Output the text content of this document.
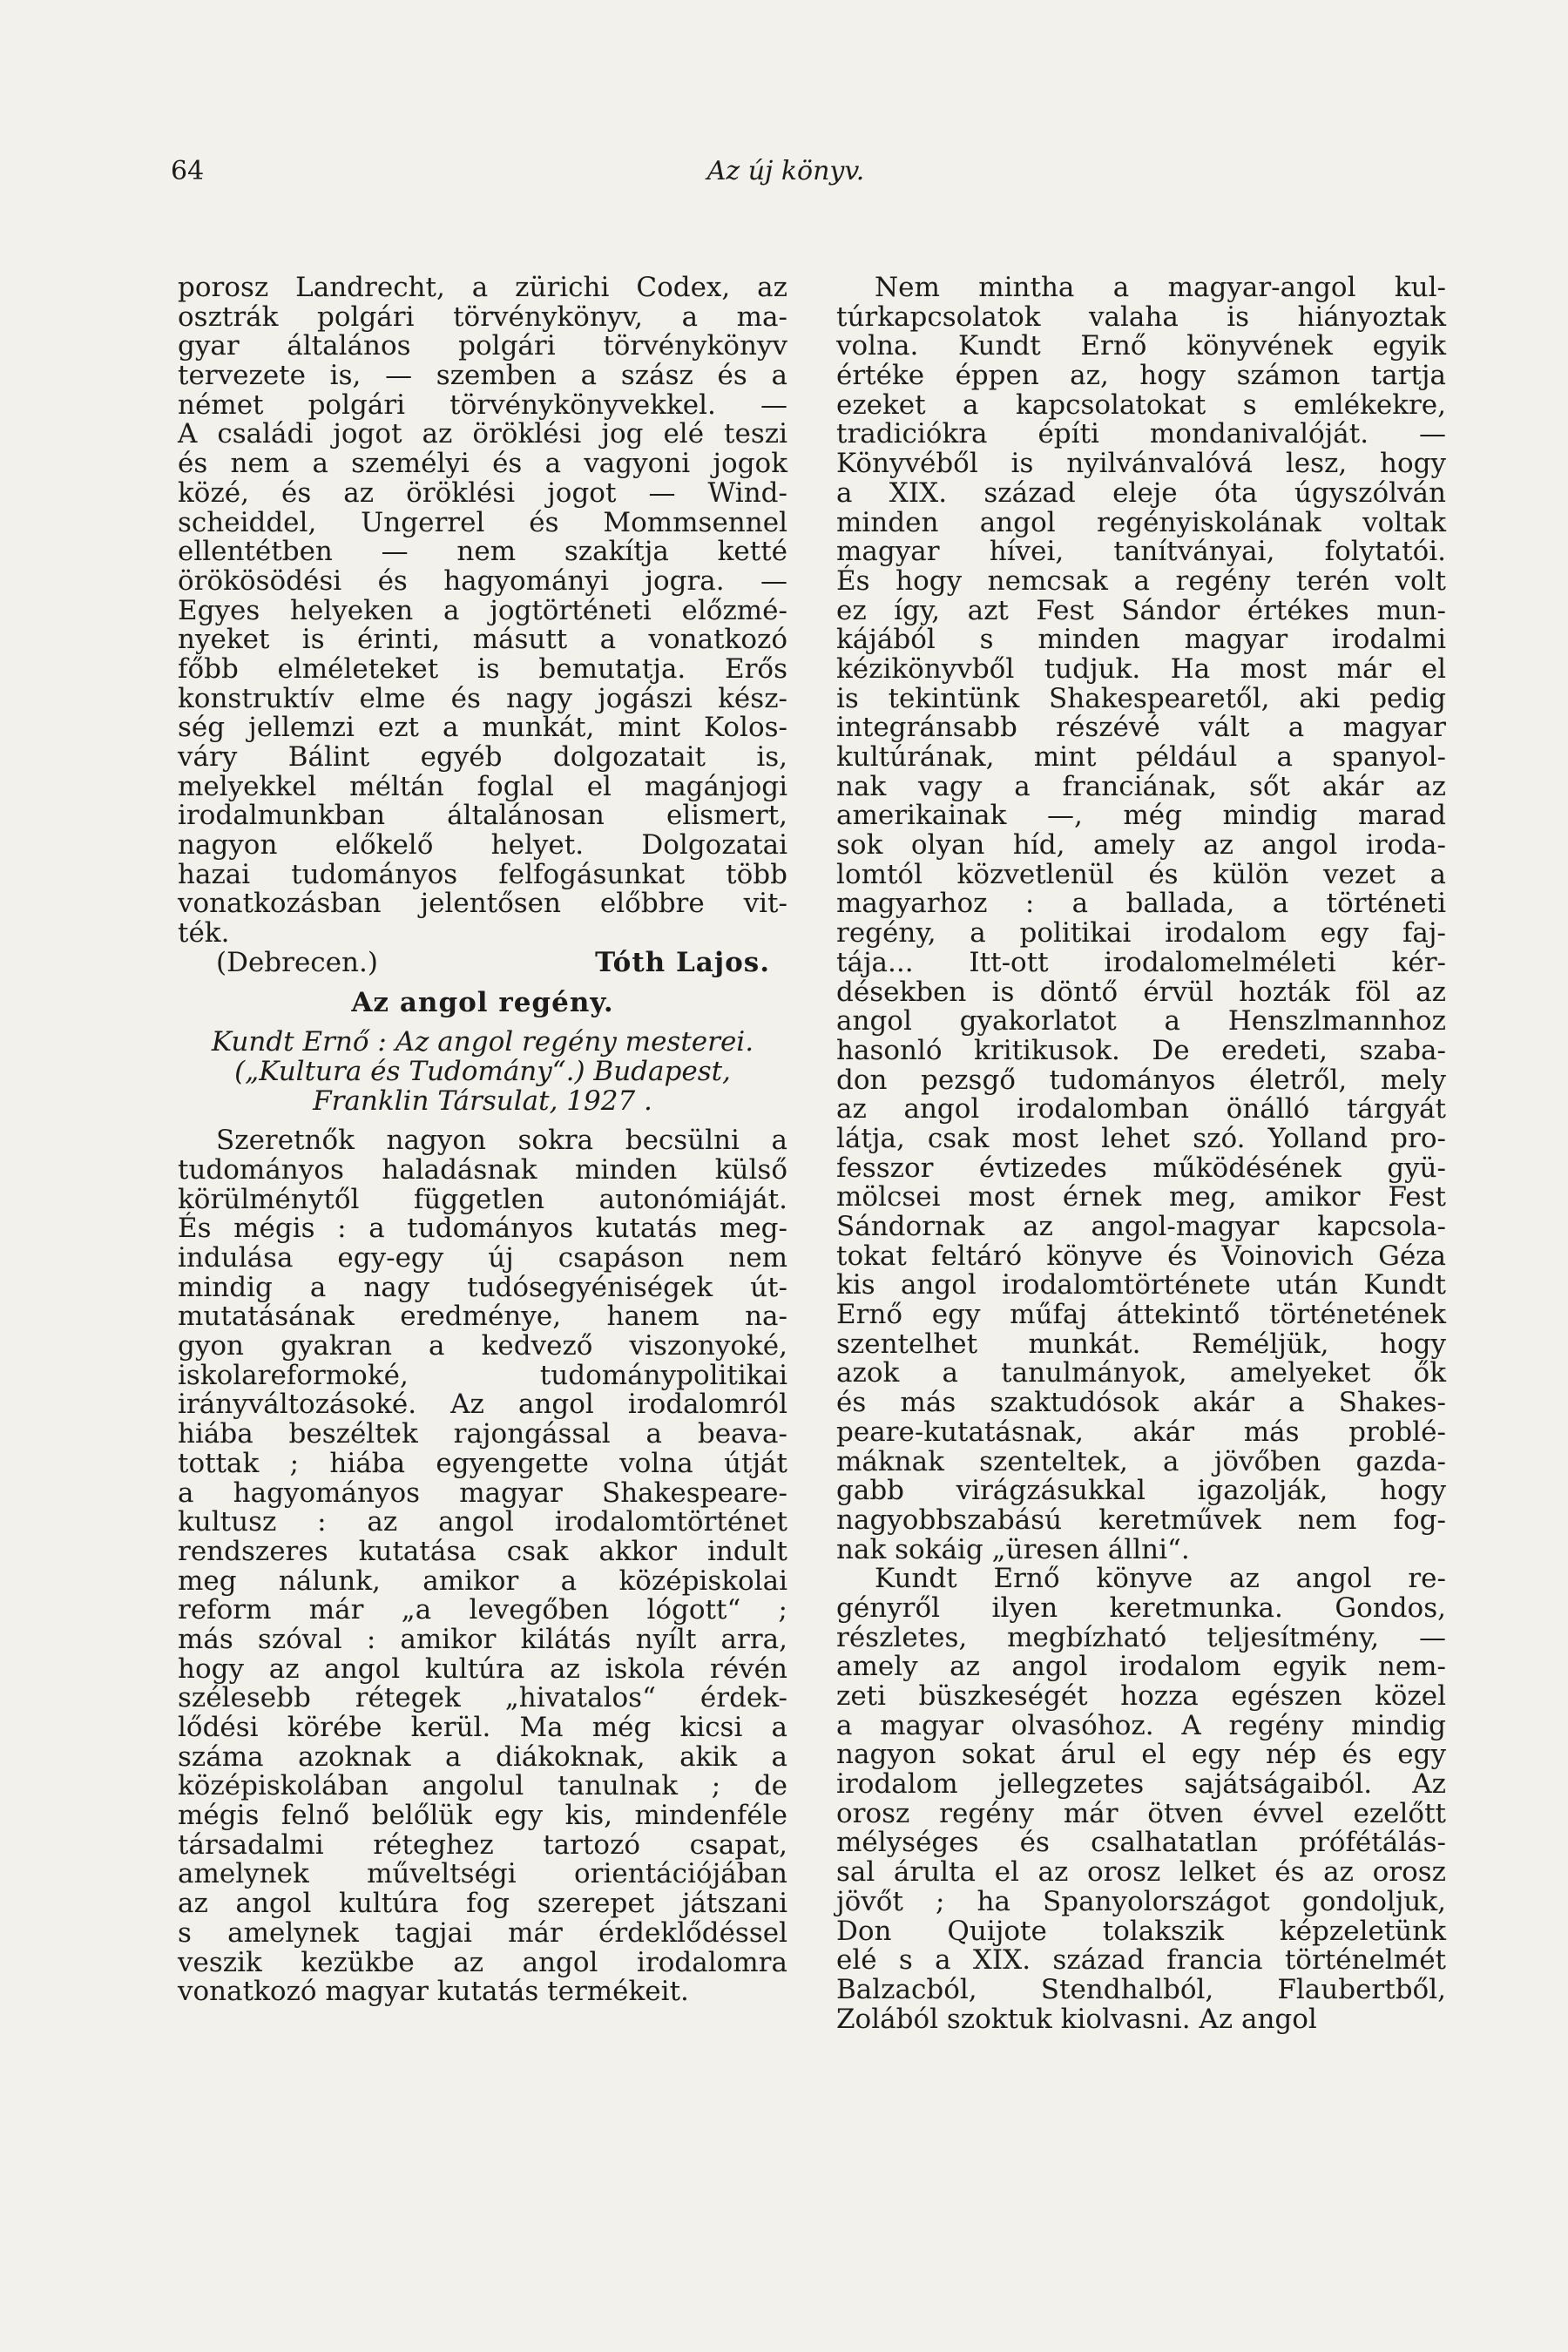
64	Az új könyv.
porosz Landrecht, a zürichi Codex, az
osztrák polgári törvénykönyv, a ma-
gyar általános polgári törvénykönyv
tervezete is, — szemben a szász és a
német polgári törvénykönyvekkel. —
A családi jogot az öröklési jog elé teszi
és nem a személyi és a vagyoni jogok
közé, és az öröklési jogot — Wind-
scheiddel, Ungerrel és Mommsennel
ellentétben — nem szakítja ketté
örökösödési és hagyományi jogra. —
Egyes helyeken a jogtörténeti előzmé-
nyeket is érinti, másutt a vonatkozó
főbb elméleteket is bemutatja. Erős
konstruktív elme és nagy jogászi kész-
ség jellemzi ezt a munkát, mint Kolos-
váry Bálint egyéb dolgozatait is,
melyekkel méltán foglal el magánjogi
irodalmunkban általánosan elismert,
nagyon előkelő helyet. Dolgozatai
hazai tudományos felfogásunkat több
vonatkozásban jelentősen előbbre vit-
ték.
(Debrecen.)	Tóth Lajos.
Az angol regény.
Kundt Ernő : Az angol regény mesterei.
(„Kultura és Tudomány“.) Budapest,
Franklin Társulat, 1927 .
Szeretnők nagyon sokra becsülni a
tudományos haladásnak minden külső
körülménytől független autonómiáját.
És mégis : a tudományos kutatás meg-
indulása egy-egy új csapáson nem
mindig a nagy tudósegyéniségek út-
mutatásának eredménye, hanem na-
gyon gyakran a kedvező viszonyoké,
iskolareformoké, tudománypolitikai
irányváltozásoké. Az angol irodalomról
hiába beszéltek rajongással a beava-
tottak ; hiába egyengette volna útját
a hagyományos magyar Shakespeare-
kultusz : az angol irodalomtörténet
rendszeres kutatása csak akkor indult
meg nálunk, amikor a középiskolai
reform már „a levegőben lógott“ ;
más szóval : amikor kilátás nyílt arra,
hogy az angol kultúra az iskola révén
szélesebb rétegek „hivatalos“ érdek-
lődési körébe kerül. Ma még kicsi a
száma azoknak a diákoknak, akik a
középiskolában angolul tanulnak ; de
mégis felnő belőlük egy kis, mindenféle
társadalmi réteghez tartozó csapat,
amelynek műveltségi orientációjában
az angol kultúra fog szerepet játszani
s amelynek tagjai már érdeklődéssel
veszik kezükbe az angol irodalomra
vonatkozó magyar kutatás termékeit.
Nem mintha a magyar-angol kul-
túrkapcsolatok valaha is hiányoztak
volna. Kundt Ernő könyvének egyik
értéke éppen az, hogy számon tartja
ezeket a kapcsolatokat s emlékekre,
tradiciókra építi mondanivalóját. —
Könyvéből is nyilvánvalóvá lesz, hogy
a XIX. század eleje óta úgyszólván
minden angol regényiskolának voltak
magyar hívei, tanítványai, folytatói.
És hogy nemcsak a regény terén volt
ez így, azt Fest Sándor értékes mun-
kájából s minden magyar irodalmi
kézikönyvből tudjuk. Ha most már el
is tekintünk Shakespearetől, aki pedig
integránsabb részévé vált a magyar
kultúrának, mint például a spanyol-
nak vagy a franciának, sőt akár az
amerikainak —, még mindig marad
sok olyan híd, amely az angol iroda-
lomtól közvetlenül és külön vezet a
magyarhoz : a ballada, a történeti
regény, a politikai irodalom egy faj-
tája... Itt-ott irodalomelméleti kér-
désekben is döntő érvül hozták föl az
angol gyakorlatot a Henszlmannhoz
hasonló kritikusok. De eredeti, szaba-
don pezsgő tudományos életről, mely
az angol irodalomban önálló tárgyát
látja, csak most lehet szó. Yolland pro-
fesszor évtizedes működésének gyü-
mölcsei most érnek meg, amikor Fest
Sándornak az angol-magyar kapcsola-
tokat feltáró könyve és Voinovich Géza
kis angol irodalomtörténete után Kundt
Ernő egy műfaj áttekintő történetének
szentelhet munkát. Reméljük, hogy
azok a tanulmányok, amelyeket ők
és más szaktudósok akár a Shakes-
peare-kutatásnak, akár más problé-
máknak szenteltek, a jövőben gazda-
gabb virágzásukkal igazolják, hogy
nagyobbszabású keretművek nem fog-
nak sokáig „üresen állni“.
Kundt Ernő könyve az angol re-
gényről ilyen keretmunka. Gondos,
részletes, megbízható teljesítmény, —
amely az angol irodalom egyik nem-
zeti büszkeségét hozza egészen közel
a magyar olvasóhoz. A regény mindig
nagyon sokat árul el egy nép és egy
irodalom jellegzetes sajátságaiból. Az
orosz regény már ötven évvel ezelőtt
mélységes és csalhatatlan prófétálás-
sal árulta el az orosz lelket és az orosz
jövőt ; ha Spanyolországot gondoljuk,
Don Quijote tolakszik képzeletünk
elé s a XIX. század francia történelmét
Balzacból, Stendhalból, Flaubertből,
Zolából szoktuk kiolvasni. Az angol
